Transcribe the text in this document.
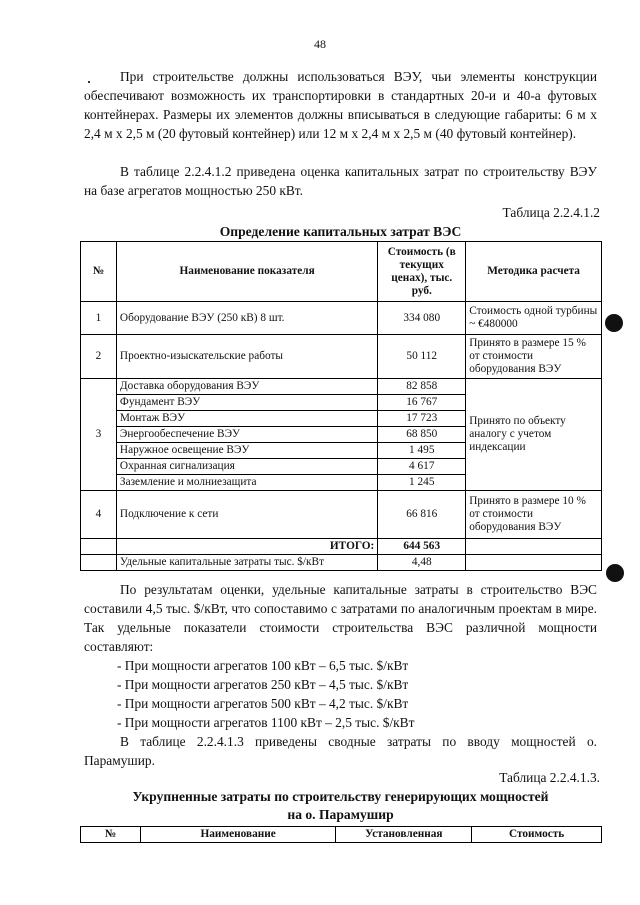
48

При строительстве должны использоваться ВЭУ, чьи элементы конструкции обеспечивают возможность их транспортировки в стандартных 20-и и 40-а футовых контейнерах. Размеры их элементов должны вписываться в следующие габариты: 6 м х 2,4 м х 2,5 м (20 футовый контейнер) или 12 м х 2,4 м х 2,5 м (40 футовый контейнер).

В таблице 2.2.4.1.2 приведена оценка капитальных затрат по строительству ВЭУ на базе агрегатов мощностью 250 кВт.

Таблица 2.2.4.1.2
Определение капитальных затрат ВЭС
№	Наименование показателя	Стоимость (в текущих ценах), тыс. руб.	Методика расчета
1	Оборудование ВЭУ (250 кВ) 8 шт.	334 080	Стоимость одной турбины ~ €480000
2	Проектно-изыскательские работы	50 112	Принято в размере 15 % от стоимости оборудования ВЭУ
3	Доставка оборудования ВЭУ	82 858	Принято по объекту аналогу с учетом индексации
	Фундамент ВЭУ	16 767	
	Монтаж ВЭУ	17 723	
	Энергообеспечение ВЭУ	68 850	
	Наружное освещение ВЭУ	1 495	
	Охранная сигнализация	4 617	
	Заземление и молниезащита	1 245	
4	Подключение к сети	66 816	Принято в размере 10 % от стоимости оборудования ВЭУ
	ИТОГО:	644 563	
	Удельные капитальные затраты тыс. $/кВт	4,48	

По результатам оценки, удельные капитальные затраты в строительство ВЭС составили 4,5 тыс. $/кВт, что сопоставимо с затратами по аналогичным проектам в мире. Так удельные показатели стоимости строительства ВЭС различной мощности составляют:

- При мощности агрегатов 100 кВт – 6,5 тыс. $/кВт
- При мощности агрегатов 250 кВт – 4,5 тыс. $/кВт
- При мощности агрегатов 500 кВт – 4,2 тыс. $/кВт
- При мощности агрегатов 1100 кВт – 2,5 тыс. $/кВт

В таблице 2.2.4.1.3 приведены сводные затраты по вводу мощностей о. Парамушир.

Таблица 2.2.4.1.3.
Укрупненные затраты по строительству генерирующих мощностей
на о. Парамушир
№	Наименование	Установленная	Стоимость
